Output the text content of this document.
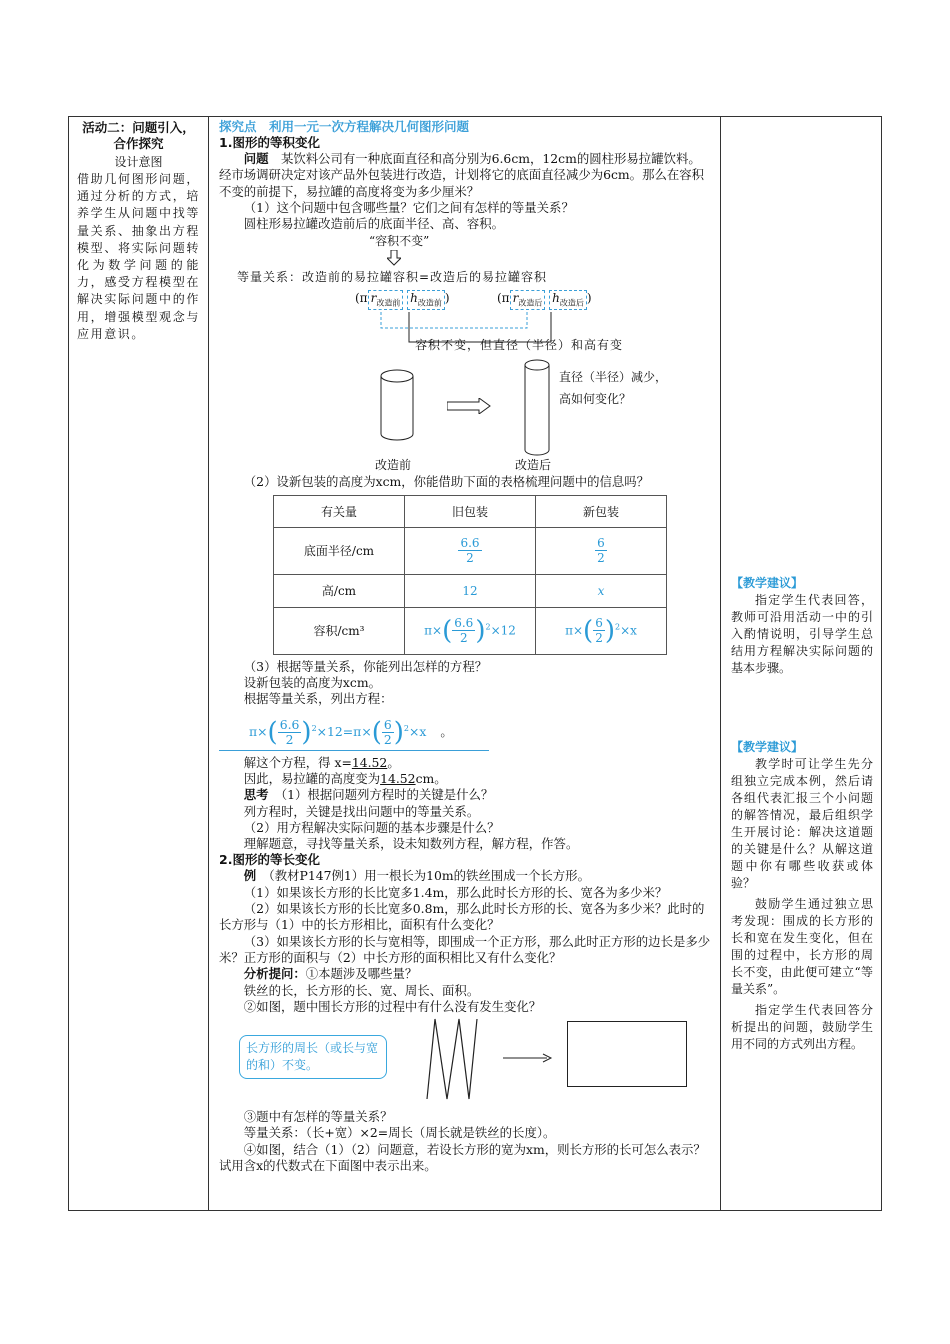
活动二：问题引入，合作探究
设计意图
借助几何图形问题，通过分析的方式，培养学生从问题中找等量关系、抽象出方程模型、将实际问题转化为数学问题的能力，感受方程模型在解决实际问题中的作用，增强模型观念与应用意识。
探究点　利用一元一次方程解决几何图形问题
1.图形的等积变化

问题　 某饮料公司有一种底面直径和高分别为6.6cm，12cm的圆柱形易拉罐饮料。经市场调研决定对该产品外包装进行改造，计划将它的底面直径减少为6cm。那么在容积不变的前提下，易拉罐的高度将变为多少厘米？

（1）这个问题中包含哪些量？它们之间有怎样的等量关系？

圆柱形易拉罐改造前后的底面半径、高、容积。

“容积不变”
等量关系：改造前的易拉罐容积=改造后的易拉罐容积
(π $r_{改造前}$ $h_{改造前}$ )	(π $r_{改造后}$ $h_{改造后}$ )
容积不变，但直径（半径）和高有变
直径（半径）减少，
高如何变化？
改造前	改造后

（2）设新包装的高度为xcm，你能借助下面的表格梳理问题中的信息吗？

有关量	旧包装	新包装
底面半径/cm	$\frac{6.6}{2}$	$\frac{6}{2}$

高/cm	12	x
容积/cm³	$\pi\times( \frac{6.6}{2} )^2\times 12$	$\pi\times( \frac{6}{2} )^2\times x$

（3）根据等量关系，你能列出怎样的方程？

设新包装的高度为xcm。

根据等量关系，列出方程：

$\pi\times( \frac{6.6}{2} )^2\times 12=\pi\times( \frac{6}{2} )^2\times x$ 。

解这个方程，得 x=14.52。

因此，易拉罐的高度变为14.52cm。

思考　 （1）根据问题列方程时的关键是什么？

列方程时，关键是找出问题中的等量关系。

（2）用方程解决实际问题的基本步骤是什么？

理解题意，寻找等量关系，设未知数列方程，解方程，作答。

2.图形的等长变化

例　 （教材P147例1）用一根长为10m的铁丝围成一个长方形。

（1）如果该长方形的长比宽多1.4m，那么此时长方形的长、宽各为多少米？

（2）如果该长方形的长比宽多0.8m，那么此时长方形的长、宽各为多少米？此时的长方形与（1）中的长方形相比，面积有什么变化？

（3）如果该长方形的长与宽相等，即围成一个正方形，那么此时正方形的边长是多少米？正方形的面积与（2）中长方形的面积相比又有什么变化？

分析提问：①本题涉及哪些量？

铁丝的长，长方形的长、宽、周长、面积。

②如图，题中围长方形的过程中有什么没有发生变化？

长方形的周长（或长与宽的和）不变。

③题中有怎样的等量关系？

等量关系：（长+宽）×2=周长（周长就是铁丝的长度）。

④如图，结合（1）（2）问题意，若设长方形的宽为xm，则长方形的长可怎么表示？试用含x的代数式在下面图中表示出来。

【教学建议】
指定学生代表回答，教师可沿用活动一中的引入酌情说明，引导学生总结用方程解决实际问题的基本步骤。
【教学建议】
教学时可让学生先分组独立完成本例，然后请各组代表汇报三个小问题的解答情况，最后组织学生开展讨论：解决这道题的关键是什么？从解这道题中你有哪些收获或体验？
鼓励学生通过独立思考发现：围成的长方形的长和宽在发生变化，但在围的过程中，长方形的周长不变，由此便可建立“等量关系”。
指定学生代表回答分析提出的问题，鼓励学生用不同的方式列出方程。
